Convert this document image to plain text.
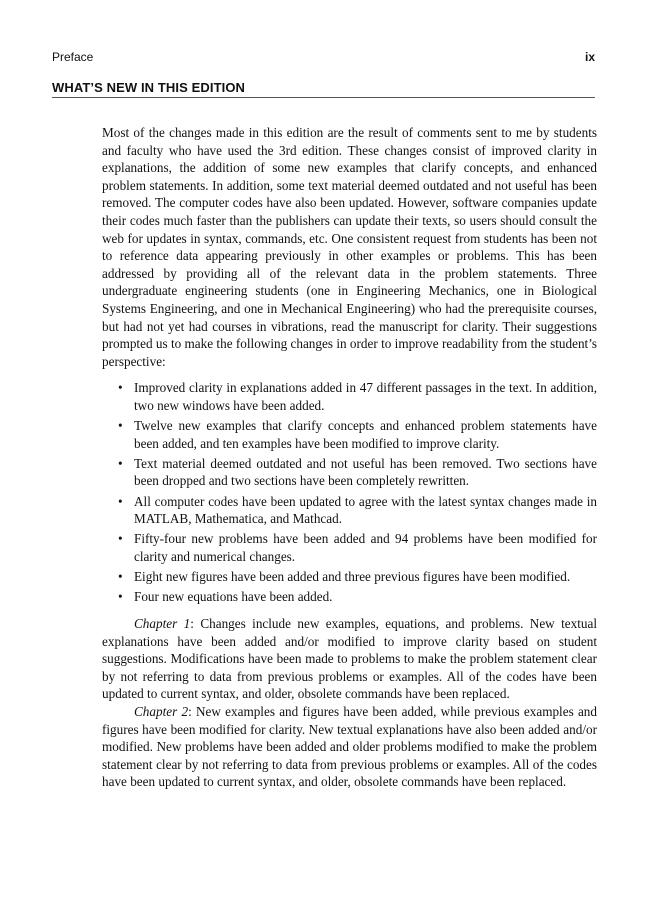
Preface	ix
WHAT’S NEW IN THIS EDITION

Most of the changes made in this edition are the result of comments sent to me by students and faculty who have used the 3rd edition. These changes consist of improved clarity in explanations, the addition of some new examples that clarify concepts, and enhanced problem statements. In addition, some text material deemed outdated and not useful has been removed. The computer codes have also been updated. However, software companies update their codes much faster than the publishers can update their texts, so users should consult the web for updates in syntax, commands, etc. One consistent request from students has been not to reference data appearing previously in other examples or problems. This has been addressed by providing all of the relevant data in the problem statements. Three undergraduate engineering students (one in Engineering Mechanics, one in Biological Systems Engineering, and one in Mechanical Engineering) who had the prerequisite courses, but had not yet had courses in vibrations, read the manuscript for clarity. Their suggestions prompted us to make the following changes in order to improve readability from the student’s perspective:

• Improved clarity in explanations added in 47 different passages in the text. In addition, two new windows have been added.
• Twelve new examples that clarify concepts and enhanced problem statements have been added, and ten examples have been modified to improve clarity.
• Text material deemed outdated and not useful has been removed. Two sections have been dropped and two sections have been completely rewritten.
• All computer codes have been updated to agree with the latest syntax changes made in MATLAB, Mathematica, and Mathcad.
• Fifty-four new problems have been added and 94 problems have been modified for clarity and numerical changes.
• Eight new figures have been added and three previous figures have been modified.
• Four new equations have been added.

Chapter 1: Changes include new examples, equations, and problems. New textual explanations have been added and/or modified to improve clarity based on student suggestions. Modifications have been made to problems to make the problem statement clear by not referring to data from previous problems or examples. All of the codes have been updated to current syntax, and older, obsolete commands have been replaced.

Chapter 2: New examples and figures have been added, while previous examples and figures have been modified for clarity. New textual explanations have also been added and/or modified. New problems have been added and older problems modified to make the problem statement clear by not referring to data from previous problems or examples. All of the codes have been updated to current syntax, and older, obsolete commands have been replaced.
